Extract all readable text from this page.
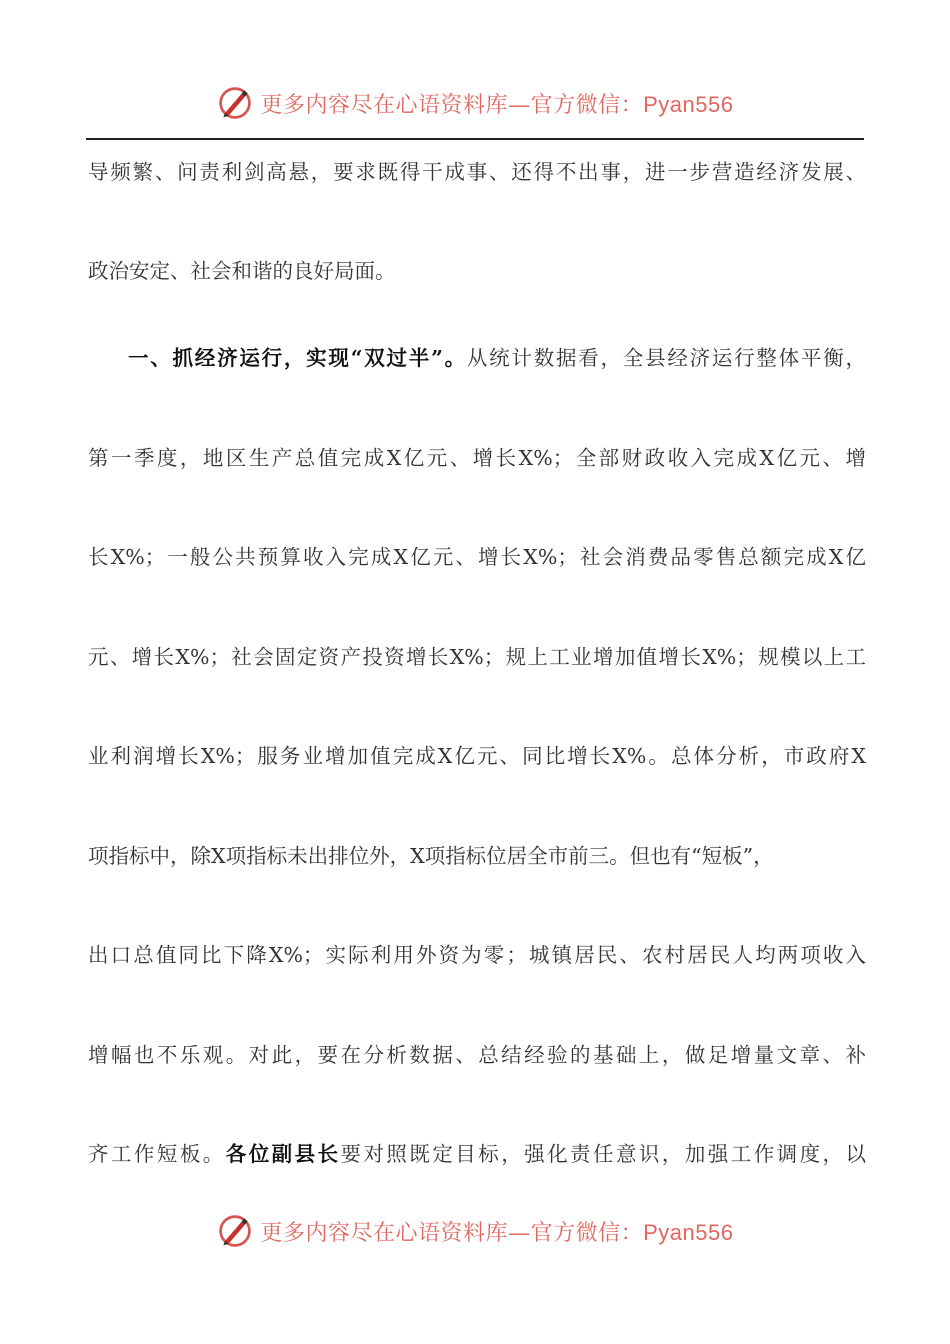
更多内容尽在心语资料库—官方微信：Pyan556
导频繁、问责利剑高悬，要求既得干成事、还得不出事，进一步营造经济发展、
政治安定、社会和谐的良好局面。
一、抓经济运行，实现“双过半”。从统计数据看，全县经济运行整体平衡，
第一季度，地区生产总值完成X亿元、增长X%；全部财政收入完成X亿元、增
长X%；一般公共预算收入完成X亿元、增长X%；社会消费品零售总额完成X亿
元、增长X%；社会固定资产投资增长X%；规上工业增加值增长X%；规模以上工
业利润增长X%；服务业增加值完成X亿元、同比增长X%。总体分析，市政府X
项指标中，除X项指标未出排位外，X项指标位居全市前三。但也有“短板”，
出口总值同比下降X%；实际利用外资为零；城镇居民、农村居民人均两项收入
增幅也不乐观。对此，要在分析数据、总结经验的基础上，做足增量文章、补
齐工作短板。各位副县长要对照既定目标，强化责任意识，加强工作调度，以
更多内容尽在心语资料库—官方微信：Pyan556
